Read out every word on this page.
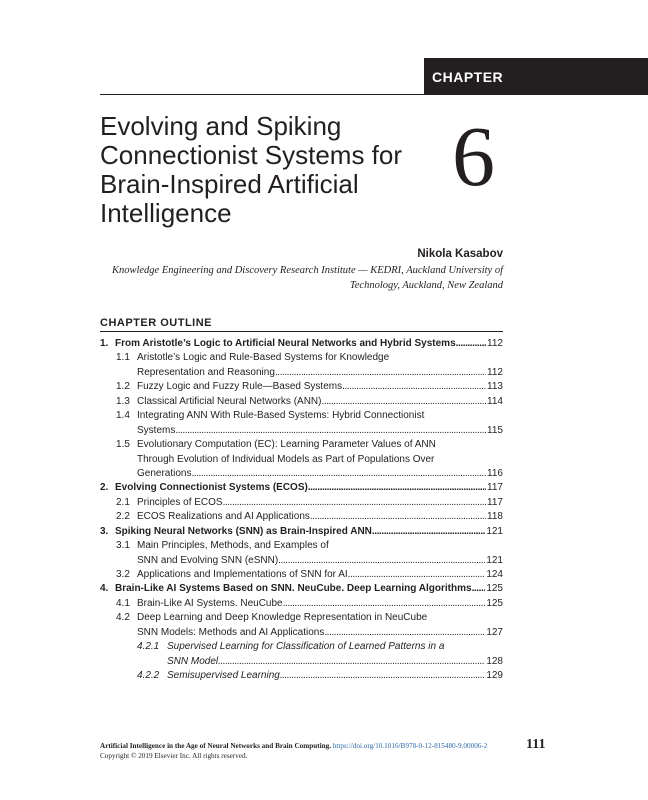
CHAPTER
Evolving and Spiking
Connectionist Systems for
Brain-Inspired Artificial
Intelligence
6
Nikola Kasabov
Knowledge Engineering and Discovery Research Institute — KEDRI, Auckland University of
Technology, Auckland, New Zealand
CHAPTER OUTLINE
1. From Aristotle’s Logic to Artificial Neural Networks and Hybrid Systems . . .	112
1.1 Aristotle’s Logic and Rule-Based Systems for Knowledge
Representation and Reasoning . . .	112
1.2 Fuzzy Logic and Fuzzy Rule—Based Systems . . .	113
1.3 Classical Artificial Neural Networks (ANN) . . .	114
1.4 Integrating ANN With Rule-Based Systems: Hybrid Connectionist
Systems . . .	115
1.5 Evolutionary Computation (EC): Learning Parameter Values of ANN
Through Evolution of Individual Models as Part of Populations Over
Generations . . .	116
2. Evolving Connectionist Systems (ECOS) . . .	117
2.1 Principles of ECOS . . .	117
2.2 ECOS Realizations and AI Applications . . .	118
3. Spiking Neural Networks (SNN) as Brain-Inspired ANN . . .	121
3.1 Main Principles, Methods, and Examples of
SNN and Evolving SNN (eSNN) . . .	121
3.2 Applications and Implementations of SNN for AI . . .	124
4. Brain-Like AI Systems Based on SNN. NeuCube. Deep Learning Algorithms . . . 125
4.1 Brain-Like AI Systems. NeuCube . . .	125
4.2 Deep Learning and Deep Knowledge Representation in NeuCube
SNN Models: Methods and AI Applications . . .	127
4.2.1 Supervised Learning for Classification of Learned Patterns in a
SNN Model . . .	128
4.2.2 Semisupervised Learning . . .	129
Artificial Intelligence in the Age of Neural Networks and Brain Computing. https://doi.org/10.1016/B978-0-12-815480-9.00006-2
Copyright © 2019 Elsevier Inc. All rights reserved.
111
